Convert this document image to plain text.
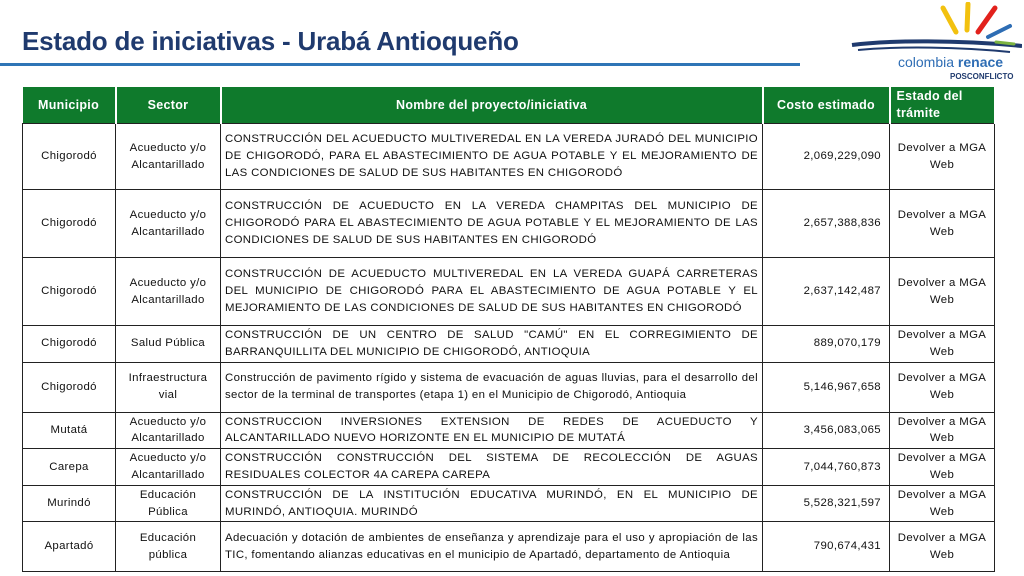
Estado de iniciativas - Urabá Antioqueño
colombia renace
POSCONFLICTO
Municipio	Sector	Nombre del proyecto/iniciativa	Costo estimado	Estado del trámite
Chigorodó	Acueducto y/o Alcantarillado	CONSTRUCCIÓN DEL ACUEDUCTO MULTIVEREDAL EN LA VEREDA JURADÓ DEL MUNICIPIO DE CHIGORODÓ, PARA EL ABASTECIMIENTO DE AGUA POTABLE Y EL MEJORAMIENTO DE LAS CONDICIONES DE SALUD DE SUS HABITANTES EN CHIGORODÓ	2,069,229,090	Devolver a MGA Web
Chigorodó	Acueducto y/o Alcantarillado	CONSTRUCCIÓN DE ACUEDUCTO EN LA VEREDA CHAMPITAS DEL MUNICIPIO DE CHIGORODÓ PARA EL ABASTECIMIENTO DE AGUA POTABLE Y EL MEJORAMIENTO DE LAS CONDICIONES DE SALUD DE SUS HABITANTES EN CHIGORODÓ	2,657,388,836	Devolver a MGA Web
Chigorodó	Acueducto y/o Alcantarillado	CONSTRUCCIÓN DE ACUEDUCTO MULTIVEREDAL EN LA VEREDA GUAPÁ CARRETERAS DEL MUNICIPIO DE CHIGORODÓ PARA EL ABASTECIMIENTO DE AGUA POTABLE Y EL MEJORAMIENTO DE LAS CONDICIONES DE SALUD DE SUS HABITANTES EN CHIGORODÓ	2,637,142,487	Devolver a MGA Web
Chigorodó	Salud Pública	CONSTRUCCIÓN DE UN CENTRO DE SALUD "CAMÚ" EN EL CORREGIMIENTO DE BARRANQUILLITA DEL MUNICIPIO DE CHIGORODÓ, ANTIOQUIA	889,070,179	Devolver a MGA Web
Chigorodó	Infraestructura vial	Construcción de pavimento rígido y sistema de evacuación de aguas lluvias, para el desarrollo del sector de la terminal de transportes (etapa 1) en el Municipio de Chigorodó, Antioquia	5,146,967,658	Devolver a MGA Web
Mutatá	Acueducto y/o Alcantarillado	CONSTRUCCION INVERSIONES EXTENSION DE REDES DE ACUEDUCTO Y ALCANTARILLADO NUEVO HORIZONTE EN EL MUNICIPIO DE MUTATÁ	3,456,083,065	Devolver a MGA Web
Carepa	Acueducto y/o Alcantarillado	CONSTRUCCIÓN CONSTRUCCIÓN DEL SISTEMA DE RECOLECCIÓN DE AGUAS RESIDUALES COLECTOR 4A CAREPA CAREPA	7,044,760,873	Devolver a MGA Web
Murindó	Educación Pública	CONSTRUCCIÓN DE LA INSTITUCIÓN EDUCATIVA MURINDÓ, EN EL MUNICIPIO DE MURINDÓ, ANTIOQUIA. MURINDÓ	5,528,321,597	Devolver a MGA Web
Apartadó	Educación pública	Adecuación y dotación de ambientes de enseñanza y aprendizaje para el uso y apropiación de las TIC, fomentando alianzas educativas en el municipio de Apartadó, departamento de Antioquia	790,674,431	Devolver a MGA Web
